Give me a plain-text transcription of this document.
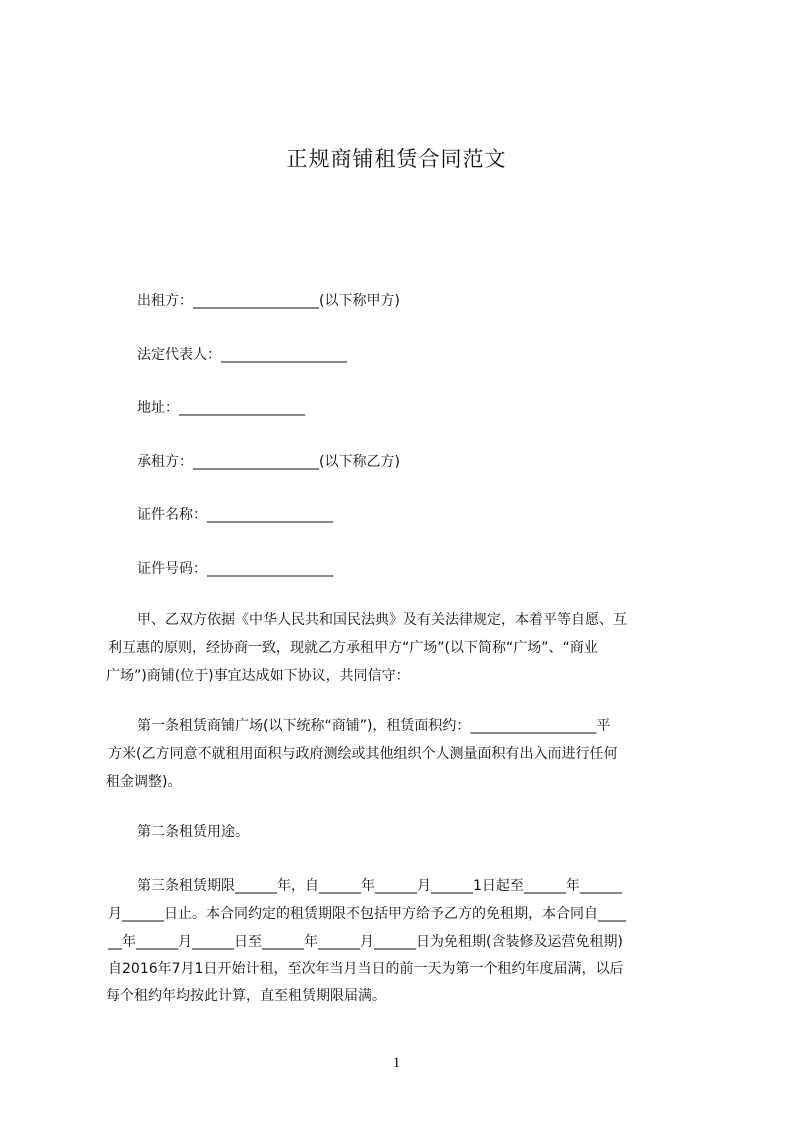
正规商铺租赁合同范文
出租方：__________________(以下称甲方)
法定代表人：__________________
地址：__________________
承租方：__________________(以下称乙方)
证件名称：__________________
证件号码：__________________
甲、乙双方依据《中华人民共和国民法典》及有关法律规定，本着平等自愿、互
利互惠的原则，经协商一致，现就乙方承租甲方“广场”(以下简称“广场”、“商业
广场”)商铺(位于)事宜达成如下协议，共同信守：
第一条租赁商铺广场(以下统称“商铺”)，租赁面积约：__________________平
方米(乙方同意不就租用面积与政府测绘或其他组织个人测量面积有出入而进行任何
租金调整)。
第二条租赁用途。
第三条租赁期限______年，自______年______月______1日起至______年______
月______日止。本合同约定的租赁期限不包括甲方给予乙方的免租期，本合同自____
__年______月______日至______年______月______日为免租期(含装修及运营免租期)
自2016年7月1日开始计租，至次年当月当日的前一天为第一个租约年度届满，以后
每个租约年均按此计算，直至租赁期限届满。
1
